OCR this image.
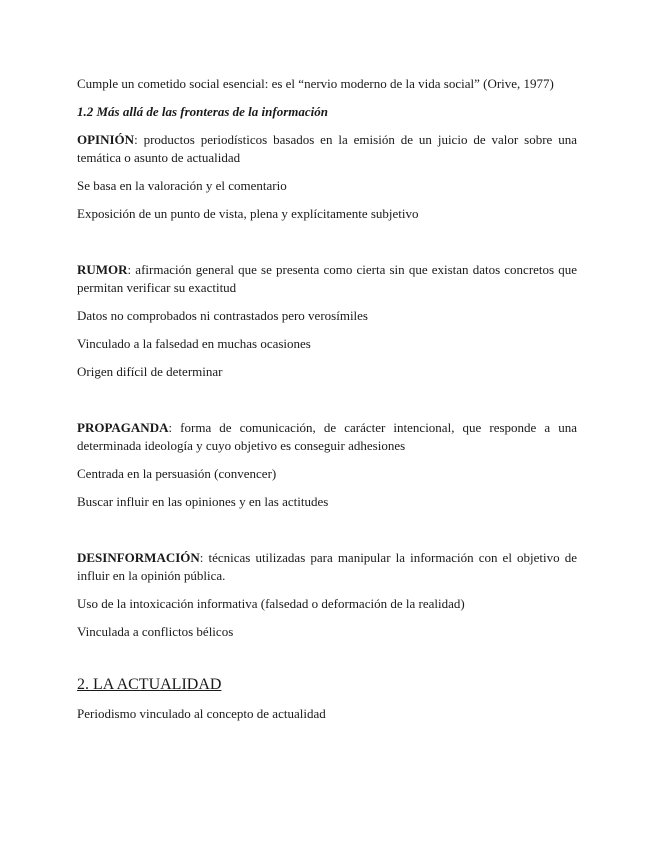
Cumple un cometido social esencial: es el “nervio moderno de la vida social” (Orive, 1977)

1.2 Más allá de las fronteras de la información

OPINIÓN: productos periodísticos basados en la emisión de un juicio de valor sobre una temática o asunto de actualidad

Se basa en la valoración y el comentario

Exposición de un punto de vista, plena y explícitamente subjetivo

RUMOR: afirmación general que se presenta como cierta sin que existan datos concretos que permitan verificar su exactitud

Datos no comprobados ni contrastados pero verosímiles

Vinculado a la falsedad en muchas ocasiones

Origen difícil de determinar

PROPAGANDA: forma de comunicación, de carácter intencional, que responde a una determinada ideología y cuyo objetivo es conseguir adhesiones

Centrada en la persuasión (convencer)

Buscar influir en las opiniones y en las actitudes

DESINFORMACIÓN: técnicas utilizadas para manipular la información con el objetivo de influir en la opinión pública.

Uso de la intoxicación informativa (falsedad o deformación de la realidad)

Vinculada a conflictos bélicos

2. LA ACTUALIDAD

Periodismo vinculado al concepto de actualidad
